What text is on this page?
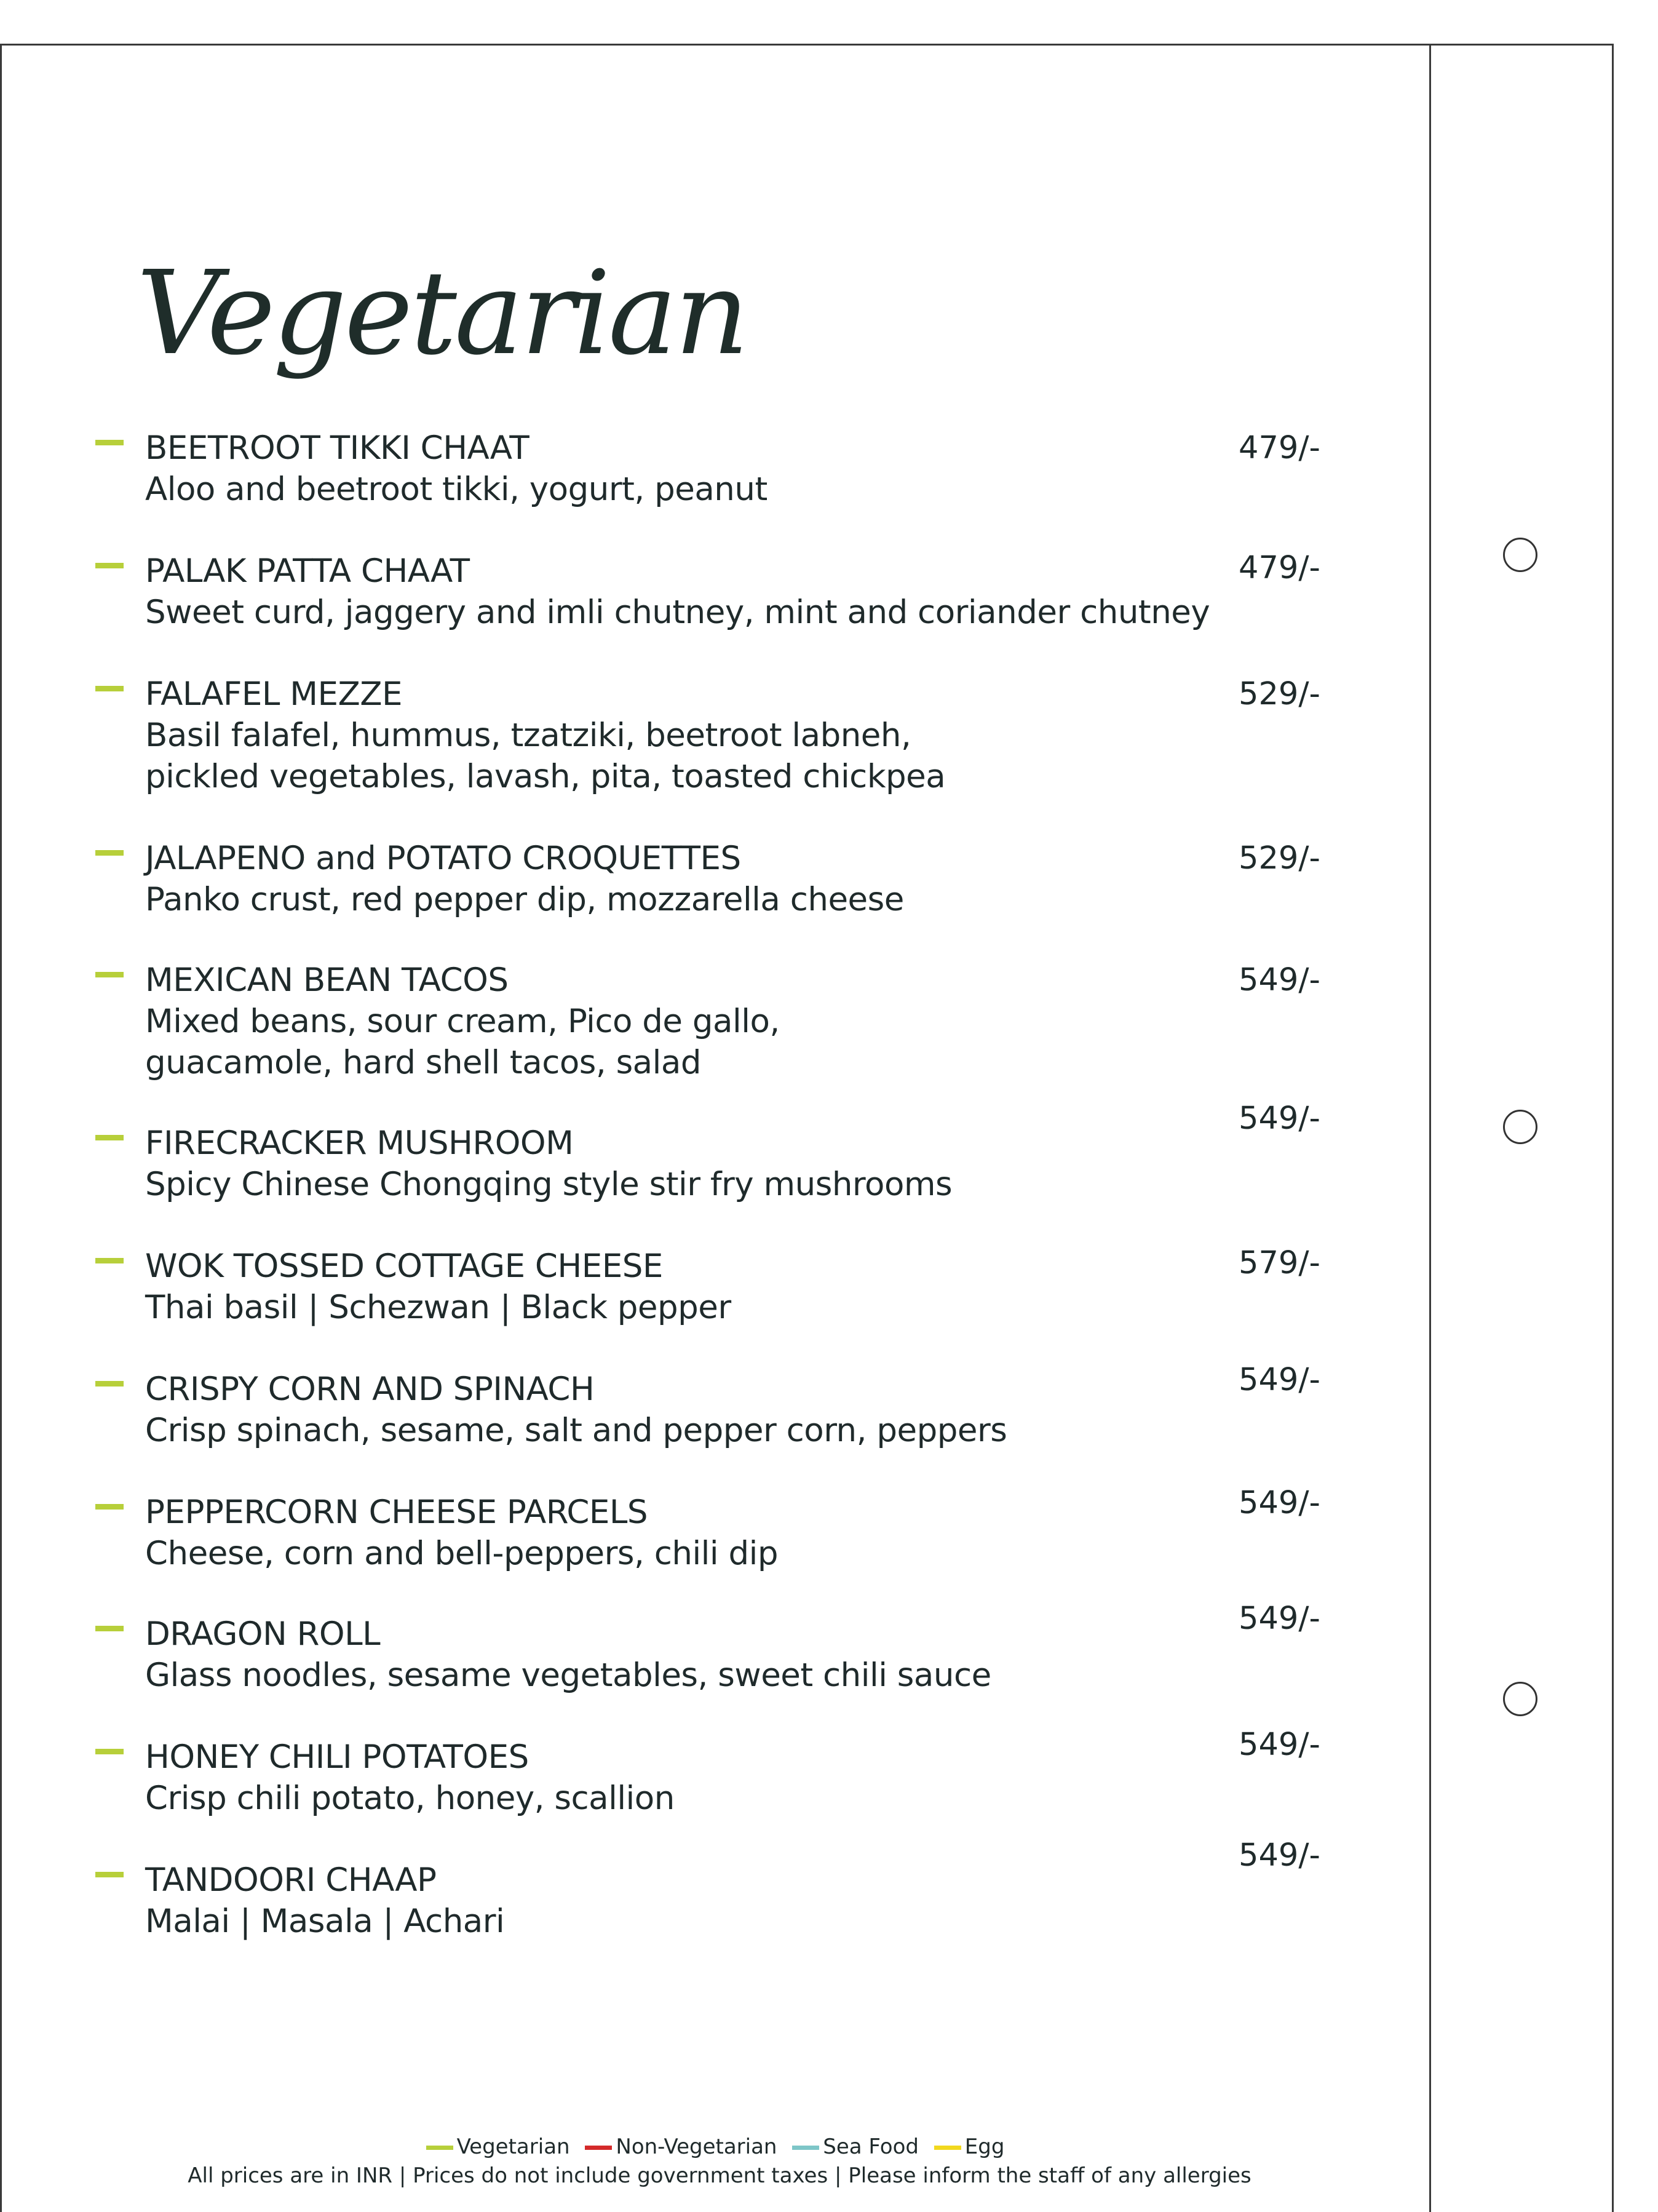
Vegetarian
BEETROOT TIKKI CHAAT
Aloo and beetroot tikki, yogurt, peanut
479/-
PALAK PATTA CHAAT
Sweet curd, jaggery and imli chutney, mint and coriander chutney
479/-
FALAFEL MEZZE
Basil falafel, hummus, tzatziki, beetroot labneh,
pickled vegetables, lavash, pita, toasted chickpea
529/-
JALAPENO and POTATO CROQUETTES
Panko crust, red pepper dip, mozzarella cheese
529/-
MEXICAN BEAN TACOS
Mixed beans, sour cream, Pico de gallo,
guacamole, hard shell tacos, salad
549/-
FIRECRACKER MUSHROOM
Spicy Chinese Chongqing style stir fry mushrooms
549/-
WOK TOSSED COTTAGE CHEESE
Thai basil | Schezwan | Black pepper
579/-
CRISPY CORN AND SPINACH
Crisp spinach, sesame, salt and pepper corn, peppers
549/-
PEPPERCORN CHEESE PARCELS
Cheese, corn and bell-peppers, chili dip
549/-
DRAGON ROLL
Glass noodles, sesame vegetables, sweet chili sauce
549/-
HONEY CHILI POTATOES
Crisp chili potato, honey, scallion
549/-
TANDOORI CHAAP
Malai | Masala | Achari
549/-
Vegetarian Non-Vegetarian Sea Food Egg
All prices are in INR | Prices do not include government taxes | Please inform the staff of any allergies
